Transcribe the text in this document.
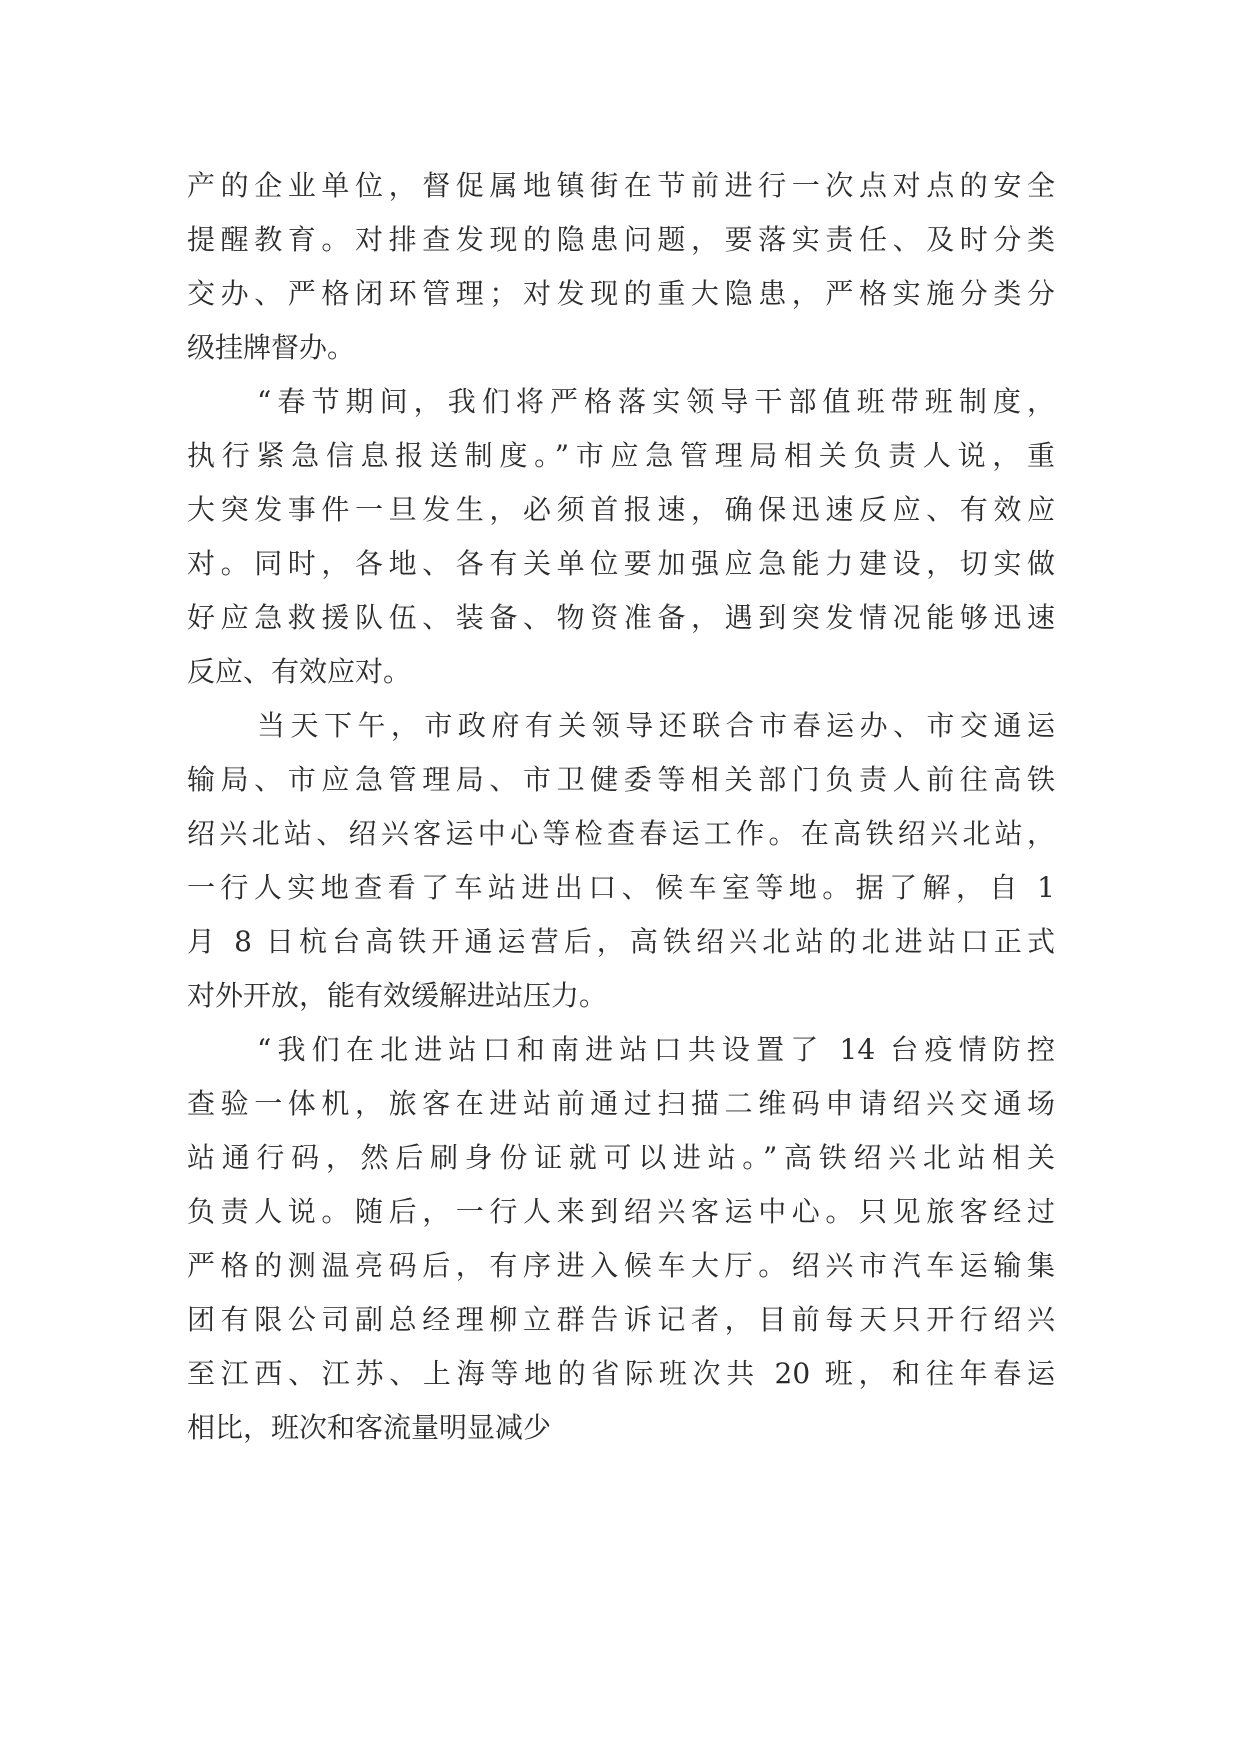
产的企业单位，督促属地镇街在节前进行一次点对点的安全
提醒教育。对排查发现的隐患问题，要落实责任、及时分类
交办、严格闭环管理；对发现的重大隐患，严格实施分类分
级挂牌督办。
“春节期间，我们将严格落实领导干部值班带班制度，
执行紧急信息报送制度。”市应急管理局相关负责人说，重
大突发事件一旦发生，必须首报速，确保迅速反应、有效应
对。同时，各地、各有关单位要加强应急能力建设，切实做
好应急救援队伍、装备、物资准备，遇到突发情况能够迅速
反应、有效应对。
当天下午，市政府有关领导还联合市春运办、市交通运
输局、市应急管理局、市卫健委等相关部门负责人前往高铁
绍兴北站、绍兴客运中心等检查春运工作。在高铁绍兴北站，
一行人实地查看了车站进出口、候车室等地。据了解，自 1
月 8 日杭台高铁开通运营后，高铁绍兴北站的北进站口正式
对外开放，能有效缓解进站压力。
“我们在北进站口和南进站口共设置了 14 台疫情防控
查验一体机，旅客在进站前通过扫描二维码申请绍兴交通场
站通行码，然后刷身份证就可以进站。”高铁绍兴北站相关
负责人说。随后，一行人来到绍兴客运中心。只见旅客经过
严格的测温亮码后，有序进入候车大厅。绍兴市汽车运输集
团有限公司副总经理柳立群告诉记者，目前每天只开行绍兴
至江西、江苏、上海等地的省际班次共 20 班，和往年春运
相比，班次和客流量明显减少
